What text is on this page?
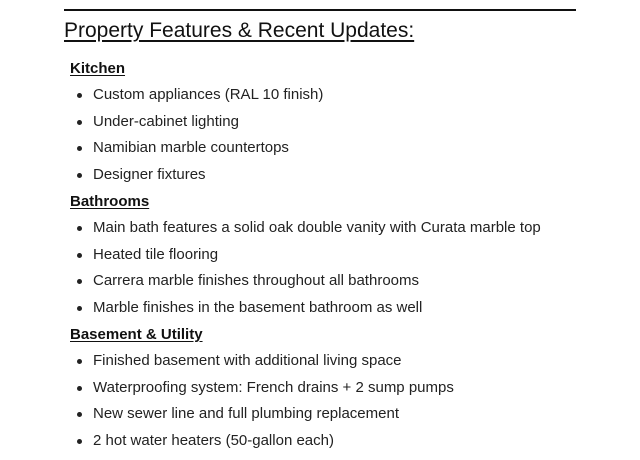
Property Features & Recent Updates:
Kitchen
Custom appliances (RAL 10 finish)
Under-cabinet lighting
Namibian marble countertops
Designer fixtures
Bathrooms
Main bath features a solid oak double vanity with Curata marble top
Heated tile flooring
Carrera marble finishes throughout all bathrooms
Marble finishes in the basement bathroom as well
Basement & Utility
Finished basement with additional living space
Waterproofing system: French drains + 2 sump pumps
New sewer line and full plumbing replacement
2 hot water heaters (50-gallon each)
